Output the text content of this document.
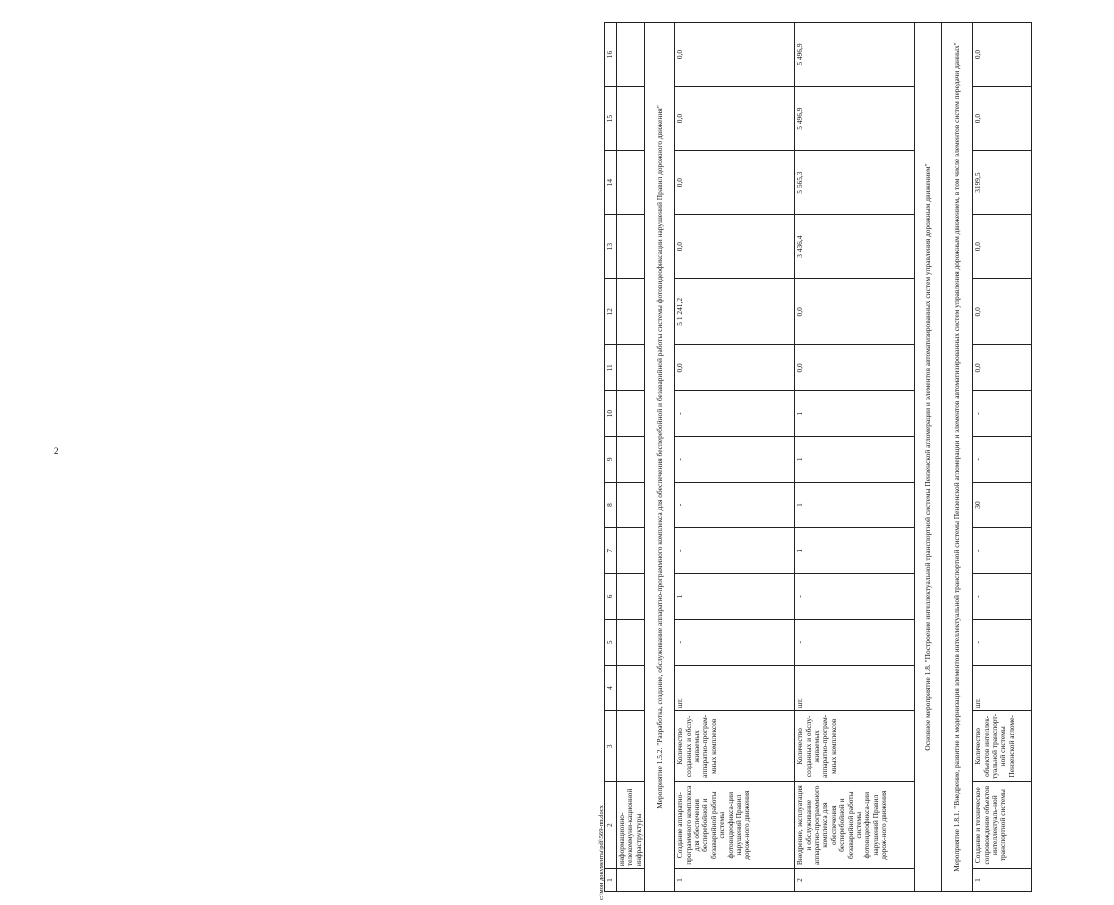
2
1	2	3	4	5	6	7	8	9	10	11	12	13	14	15	16
	информационно-телекоммуни-кационной инфраструктуры														
Мероприятие 1.5.2. "Разработка, создание, обслуживание аппаратно-программного комплекса для обеспечения бесперебойной и безаварийной работы системы фотовидеофиксации нарушений Правил дорожного движения"															
1	Создание аппаратно-программного комплекса для обеспечения бесперебойной и безаварийной работы системы фотовидеофикса-ции нарушений Правил дорож-ного движения	Количество созданных и обслу-живаемых аппаратно-програм-мных комплексов	шт.	-	1	-	-	-	-	0,0	5 1 241,2	0,0	0,0	0,0	0,0
2	Внедрение, эксплуатация и обслуживание аппаратно-программного комплекса для обеспечения бесперебойной и безаварийной работы системы фотовидеофикса-ции нарушений Правил дорож-ного движения	Количество созданных и обслу-живаемых аппаратно-програм-мных комплексов	шт.	-	-	1	1	1	1	0,0	0,0	3 436,4	5 565,3	5 496,9	5 496,9
Основное мероприятие 1.8. "Построение интеллектуальной транспортной системы Пензенской агломерации и элементов автоматизированных систем управления дорожным движением"															
Мероприятие 1.8.1. "Внедрение, развитие и модернизация элементов интеллектуальной транспортной системы Пензенской агломерации и элементов автоматизированных систем управления дорожным движением, в том числе элементов систем передачи данных"															
1	Создание и техническое сопровождение объектов интеллектуаль-ной транспортной системы	Количество объектов интеллек-туальной транспорт-ной системы Пензенской агломе-	шт.	-	-	-	30	-	-	0,0	0,0	0,0	3199,5	0,0	0,0
c:\мои документы\pdf\569-пп.docx
